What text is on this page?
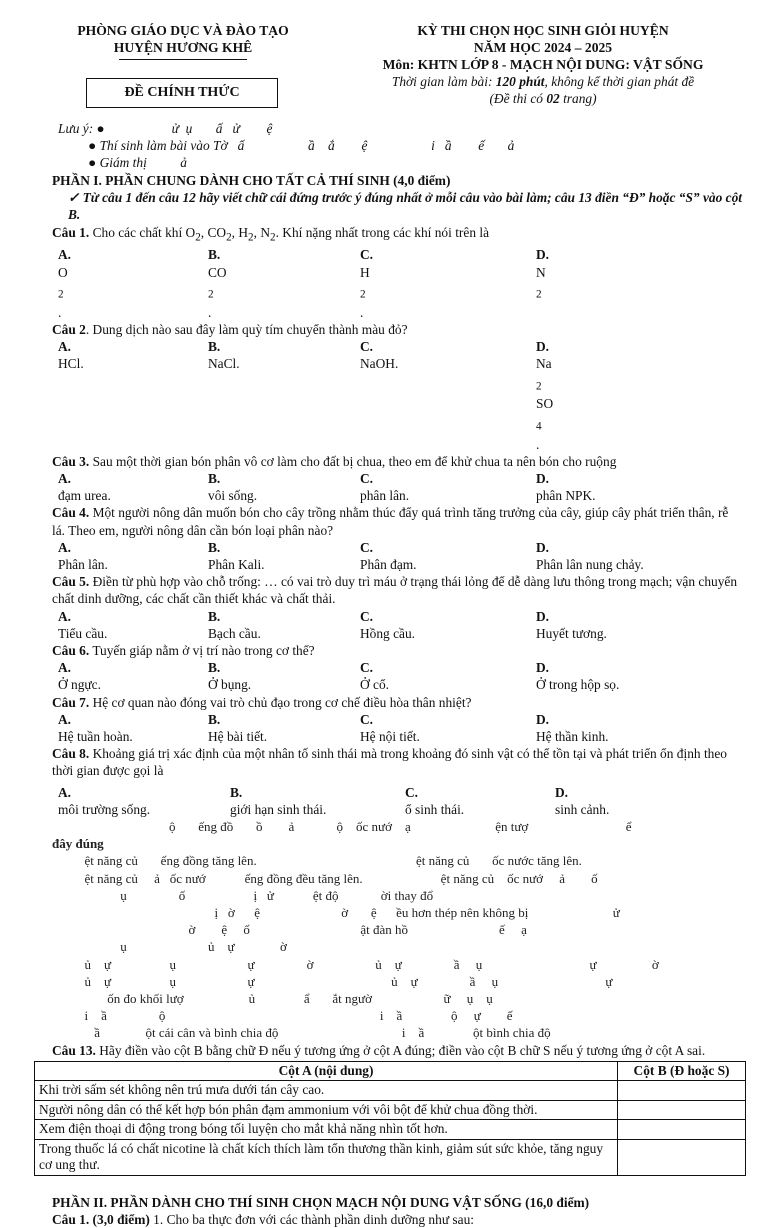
PHÒNG GIÁO DỤC VÀ ĐÀO TẠO
HUYỆN HƯƠNG KHÊ
ĐỀ CHÍNH THỨC
KỲ THI CHỌN HỌC SINH GIỎI HUYỆN
NĂM HỌC 2024 – 2025
Môn: KHTN LỚP 8 - MẠCH NỘI DUNG: VẬT SỐNG
Thời gian làm bài: 120 phút, không kể thời gian phát đề
(Đề thi có 02 trang)
Lưu ý: ●                    ử  ụ       ấ   ử        ệ
● Thí sinh làm bài vào Tờ   ấ                   ầ    ắ        ệ                   i   ầ        ế       ả
● Giám thị          ả

PHẦN I. PHẦN CHUNG DÀNH CHO TẤT CẢ THÍ SINH (4,0 điểm)

✓ Từ câu 1 đến câu 12 hãy viết chữ cái đứng trước ý đúng nhất ở mỗi câu vào bài làm; câu 13 điền “Đ” hoặc “S” vào cột B.

Câu 1. Cho các chất khí $O_2$, $CO_2$, $H_2$, $N_2$. Khí nặng nhất trong các khí nói trên là

A.
O
$_2$
.
B.
CO
$_2$
.
C.
H
$_2$
.
D.
N
$_2$

Câu 2. Dung dịch nào sau đây làm quỳ tím chuyển thành màu đỏ?

A.
HCl.
B.
NaCl.
C.
NaOH.
D.
Na
$_2$
SO
$_4$
.

Câu 3. Sau một thời gian bón phân vô cơ làm cho đất bị chua, theo em để khử chua ta nên bón cho ruộng

A.
đạm urea.
B.
vôi sống.
C.
phân lân.
D.
phân NPK.

Câu 4. Một người nông dân muốn bón cho cây trồng nhằm thúc đẩy quá trình tăng trưởng của cây, giúp cây phát triển thân, rễ lá. Theo em, người nông dân cần bón loại phân nào?

A.
Phân lân.
B.
Phân Kali.
C.
Phân đạm.
D.
Phân lân nung chảy.

Câu 5. Điền từ phù hợp vào chỗ trống: … có vai trò duy trì máu ở trạng thái lỏng để dễ dàng lưu thông trong mạch; vận chuyển chất dinh dưỡng, các chất cần thiết khác và chất thải.

A.
Tiểu cầu.
B.
Bạch cầu.
C.
Hồng cầu.
D.
Huyết tương.

Câu 6. Tuyến giáp nằm ở vị trí nào trong cơ thể?

A.
Ở ngực.
B.
Ở bụng.
C.
Ở cổ.
D.
Ở trong hộp sọ.

Câu 7. Hệ cơ quan nào đóng vai trò chủ đạo trong cơ chế điều hòa thân nhiệt?

A.
Hệ tuần hoàn.
B.
Hệ bài tiết.
C.
Hệ nội tiết.
D.
Hệ thần kinh.

Câu 8. Khoảng giá trị xác định của một nhân tố sinh thái mà trong khoảng đó sinh vật có thể tồn tại và phát triển ổn định theo thời gian được gọi là

A.
môi trường sống.
B.
giới hạn sinh thái.
C.
ổ sinh thái.
D.
sinh cảnh.
ộ       ếng đồ       ồ        ả             ộ    ốc nướ    ạ                          ện tượ                              ể
đây đúng
ệt năng củ       ếng đồng tăng lên.                                                 ệt năng củ       ốc nước tăng lên.
ệt năng củ     ả   ốc nướ            ếng đồng đều tăng lên.                        ệt năng củ    ốc nướ     ả        ố
ụ                ố                     ị   ử            ệt độ             ời thay đổ
ị   ờ      ệ                         ờ       ệ      ều hơn thép nên không bị                          ử
ờ        ệ     ố                                  ật đàn hồ                            ế     ạ
ụ                         ủ    ự              ờ
ủ    ự                  ụ                      ự                ờ                   ủ    ự                ầ     ụ                                 ự                 ờ
ủ    ự                  ụ                      ự                                          ủ    ự                ầ     ụ                                 ự
ốn đo khối lượ                    ủ               ẩ       ắt ngườ                      ữ     ụ    ụ
i    ầ                ộ                                                                  i    ầ               ộ     ự        ế
ầ              ột cái cân và bình chia độ                                      i    ầ               ột bình chia độ

Câu 13. Hãy điền vào cột B bằng chữ Đ nếu ý tương ứng ở cột A đúng; điền vào cột B chữ S nếu ý tương ứng ở cột A sai.

Cột A (nội dung)	Cột B (Đ hoặc S)
Khi trời sấm sét không nên trú mưa dưới tán cây cao.	
Người nông dân có thể kết hợp bón phân đạm ammonium với vôi bột để khử chua đồng thời.	
Xem điện thoại di động trong bóng tối luyện cho mắt khả năng nhìn tốt hơn.	
Trong thuốc lá có chất nicotine là chất kích thích làm tổn thương thần kinh, giảm sút sức khỏe, tăng nguy cơ ung thư.	

PHẦN II. PHẦN DÀNH CHO THÍ SINH CHỌN MẠCH NỘI DUNG VẬT SỐNG (16,0 điểm)

Câu 1. (3,0 điểm) 1. Cho ba thực đơn với các thành phần dinh dưỡng như sau:
